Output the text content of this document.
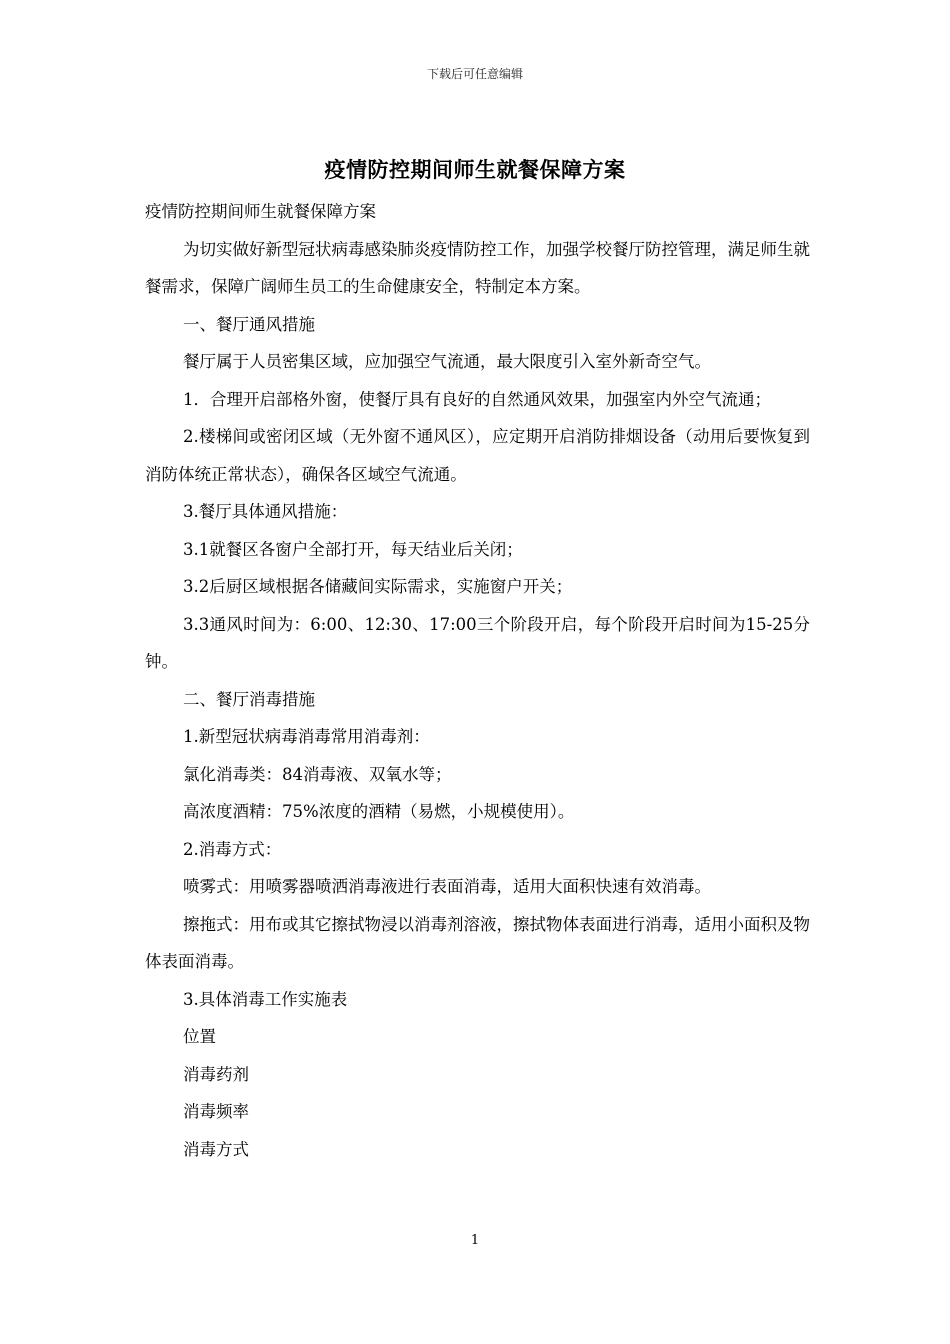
下载后可任意编辑
疫情防控期间师生就餐保障方案

疫情防控期间师生就餐保障方案

为切实做好新型冠状病毒感染肺炎疫情防控工作，加强学校餐厅防控管理，满足师生就餐需求，保障广阔师生员工的生命健康安全，特制定本方案。

一、餐厅通风措施

餐厅属于人员密集区域，应加强空气流通，最大限度引入室外新奇空气。

1．合理开启部格外窗，使餐厅具有良好的自然通风效果，加强室内外空气流通；

2.楼梯间或密闭区域（无外窗不通风区），应定期开启消防排烟设备（动用后要恢复到消防体统正常状态），确保各区域空气流通。

3.餐厅具体通风措施：

3.1就餐区各窗户全部打开，每天结业后关闭；

3.2后厨区域根据各储藏间实际需求，实施窗户开关；

3.3通风时间为：6:00、12:30、17:00三个阶段开启，每个阶段开启时间为15-25分钟。

二、餐厅消毒措施

1.新型冠状病毒消毒常用消毒剂：

氯化消毒类：84消毒液、双氧水等；

高浓度酒精：75%浓度的酒精（易燃，小规模使用）。

2.消毒方式：

喷雾式：用喷雾器喷洒消毒液进行表面消毒，适用大面积快速有效消毒。

擦拖式：用布或其它擦拭物浸以消毒剂溶液，擦拭物体表面进行消毒，适用小面积及物体表面消毒。

3.具体消毒工作实施表

位置

消毒药剂

消毒频率

消毒方式

1
